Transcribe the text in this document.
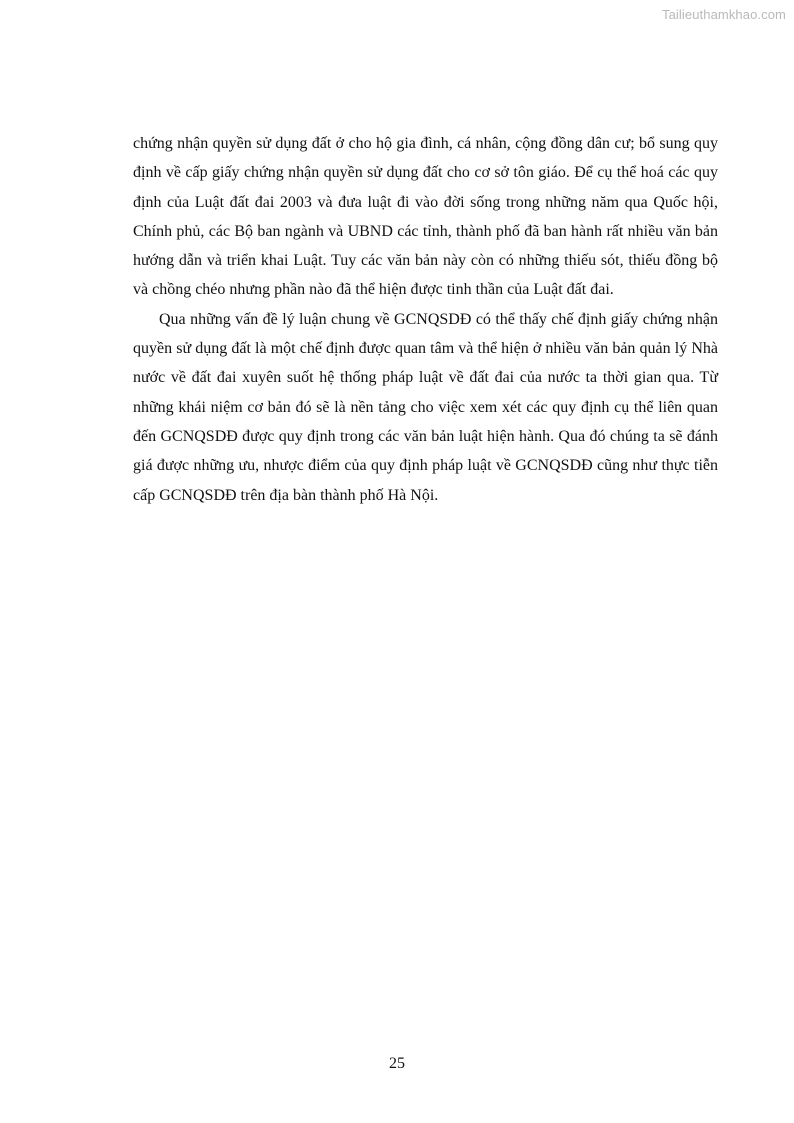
Tailieuthamkhao.com

chứng nhận quyền sử dụng đất ở cho hộ gia đình, cá nhân, cộng đồng dân cư; bổ sung quy định về cấp giấy chứng nhận quyền sử dụng đất cho cơ sở tôn giáo. Để cụ thể hoá các quy định của Luật đất đai 2003 và đưa luật đi vào đời sống trong những năm qua Quốc hội, Chính phủ, các Bộ ban ngành và UBND các tỉnh, thành phố đã ban hành rất nhiều văn bản hướng dẫn và triển khai Luật. Tuy các văn bản này còn có những thiếu sót, thiếu đồng bộ và chồng chéo nhưng phần nào đã thể hiện được tinh thần của Luật đất đai.

Qua những vấn đề lý luận chung về GCNQSDĐ có thể thấy chế định giấy chứng nhận quyền sử dụng đất là một chế định được quan tâm và thể hiện ở nhiều văn bản quản lý Nhà nước về đất đai xuyên suốt hệ thống pháp luật về đất đai của nước ta thời gian qua. Từ những khái niệm cơ bản đó sẽ là nền tảng cho việc xem xét các quy định cụ thể liên quan đến GCNQSDĐ được quy định trong các văn bản luật hiện hành. Qua đó chúng ta sẽ đánh giá được những ưu, nhược điểm của quy định pháp luật về GCNQSDĐ cũng như thực tiễn cấp GCNQSDĐ trên địa bàn thành phố Hà Nội.

25
